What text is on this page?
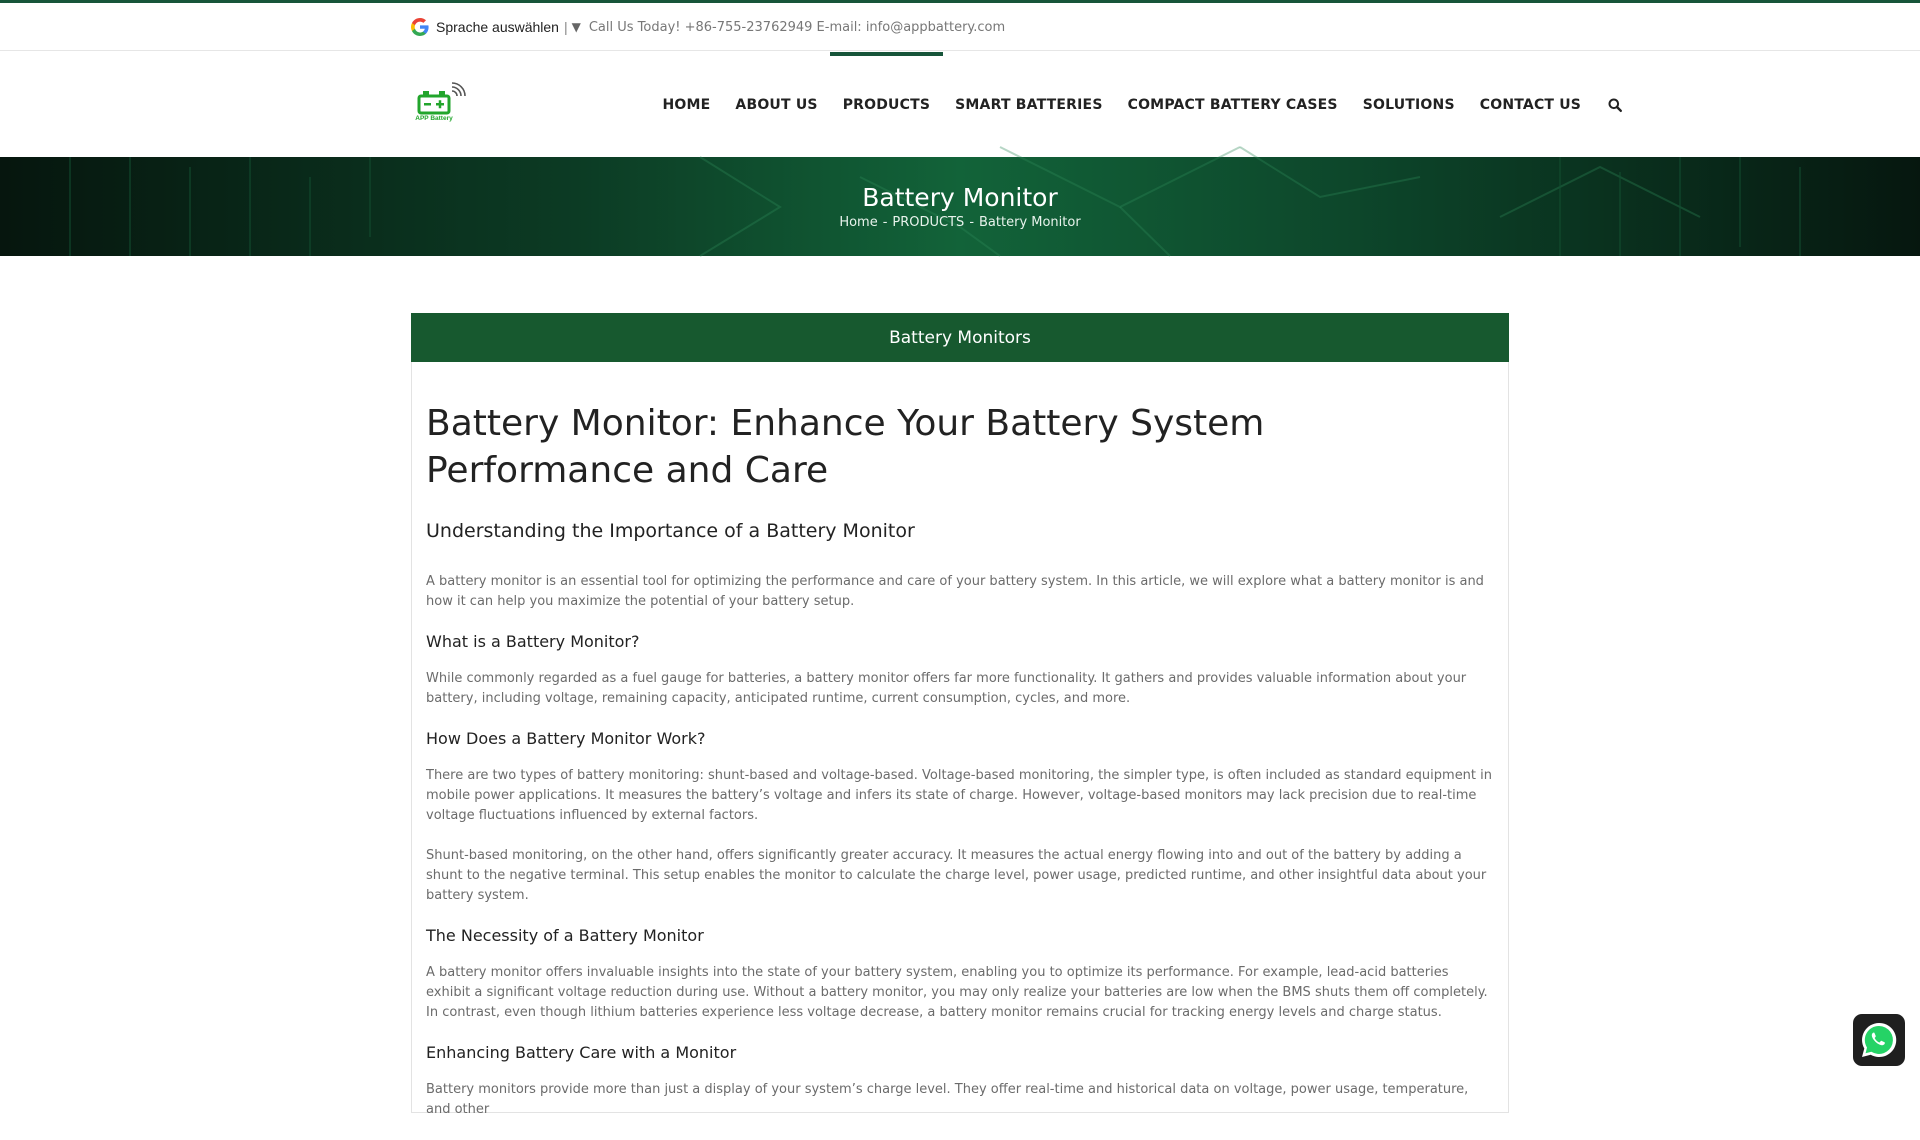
Sprache auswählen | ▼ Call Us Today! +86-755-23762949 E-mail: info@appbattery.com
APP Battery
HOME	ABOUT US	PRODUCTS	SMART BATTERIES	COMPACT BATTERY CASES	SOLUTIONS	CONTACT US
Battery Monitor
Home - PRODUCTS - Battery Monitor
Battery Monitors
Battery Monitor: Enhance Your Battery System Performance and Care
Understanding the Importance of a Battery Monitor

A battery monitor is an essential tool for optimizing the performance and care of your battery system. In this article, we will explore what a battery monitor is and how it can help you maximize the potential of your battery setup.

What is a Battery Monitor?

While commonly regarded as a fuel gauge for batteries, a battery monitor offers far more functionality. It gathers and provides valuable information about your battery, including voltage, remaining capacity, anticipated runtime, current consumption, cycles, and more.

How Does a Battery Monitor Work?

There are two types of battery monitoring: shunt-based and voltage-based. Voltage-based monitoring, the simpler type, is often included as standard equipment in mobile power applications. It measures the battery’s voltage and infers its state of charge. However, voltage-based monitors may lack precision due to real-time voltage fluctuations influenced by external factors.

Shunt-based monitoring, on the other hand, offers significantly greater accuracy. It measures the actual energy flowing into and out of the battery by adding a shunt to the negative terminal. This setup enables the monitor to calculate the charge level, power usage, predicted runtime, and other insightful data about your battery system.

The Necessity of a Battery Monitor

A battery monitor offers invaluable insights into the state of your battery system, enabling you to optimize its performance. For example, lead-acid batteries exhibit a significant voltage reduction during use. Without a battery monitor, you may only realize your batteries are low when the BMS shuts them off completely. In contrast, even though lithium batteries experience less voltage decrease, a battery monitor remains crucial for tracking energy levels and charge status.

Enhancing Battery Care with a Monitor

Battery monitors provide more than just a display of your system’s charge level. They offer real-time and historical data on voltage, power usage, temperature, and other
